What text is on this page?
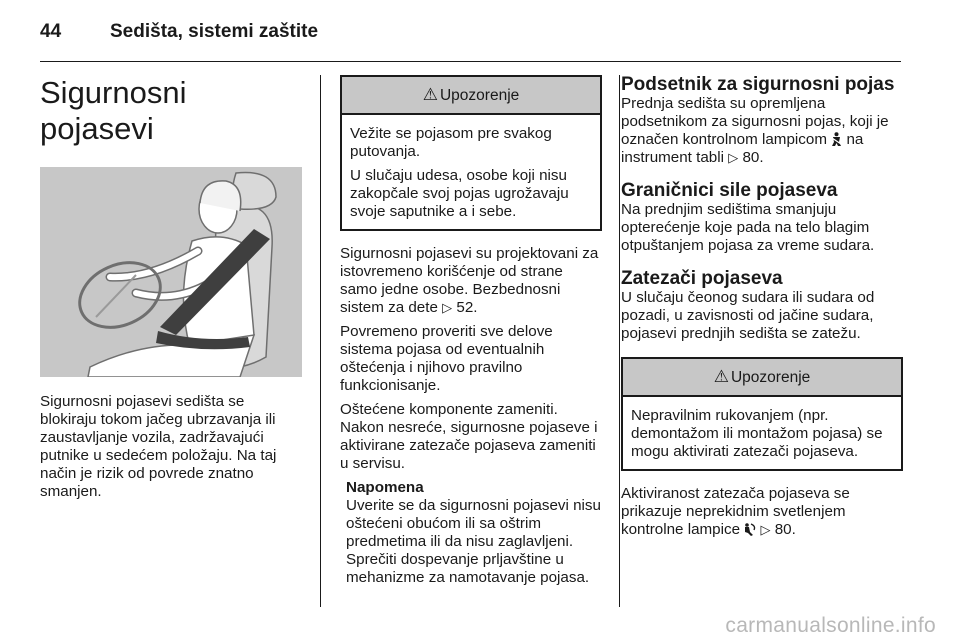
44	Sedišta, sistemi zaštite
Sigurnosni pojasevi

Sigurnosni pojasevi sedišta se blokiraju tokom jačeg ubrzavanja ili zaustavljanje vozila, zadržavajući putnike u sedećem položaju. Na taj način je rizik od povrede znatno smanjen.

⚠ Upozorenje

Vežite se pojasom pre svakog putovanja.

U slučaju udesa, osobe koji nisu zakopčale svoj pojas ugrožavaju svoje saputnike a i sebe.

Sigurnosni pojasevi su projektovani za istovremeno korišćenje od strane samo jedne osobe. Bezbednosni sistem za dete ▷ 52.

Povremeno proveriti sve delove sistema pojasa od eventualnih oštećenja i njihovo pravilno funkcionisanje.

Oštećene komponente zameniti. Nakon nesreće, sigurnosne pojaseve i aktivirane zatezače pojaseva zameniti u servisu.

Napomena

Uverite se da sigurnosni pojasevi nisu oštećeni obućom ili sa oštrim predmetima ili da nisu zaglavljeni. Sprečiti dospevanje prljavštine u mehanizme za namotavanje pojasa.

Podsetnik za sigurnosni pojas

Prednja sedišta su opremljena podsetnikom za sigurnosni pojas, koji je označen kontrolnom lampicom na instrument tabli ▷ 80.

Graničnici sile pojaseva

Na prednjim sedištima smanjuju opterećenje koje pada na telo blagim otpuštanjem pojasa za vreme sudara.

Zatezači pojaseva

U slučaju čeonog sudara ili sudara od pozadi, u zavisnosti od jačine sudara, pojasevi prednjih sedišta se zatežu.

⚠ Upozorenje

Nepravilnim rukovanjem (npr. demontažom ili montažom pojasa) se mogu aktivirati zatezači pojaseva.

Aktiviranost zatezača pojaseva se prikazuje neprekidnim svetlenjem kontrolne lampice ▷ 80.

carmanualsonline.info
